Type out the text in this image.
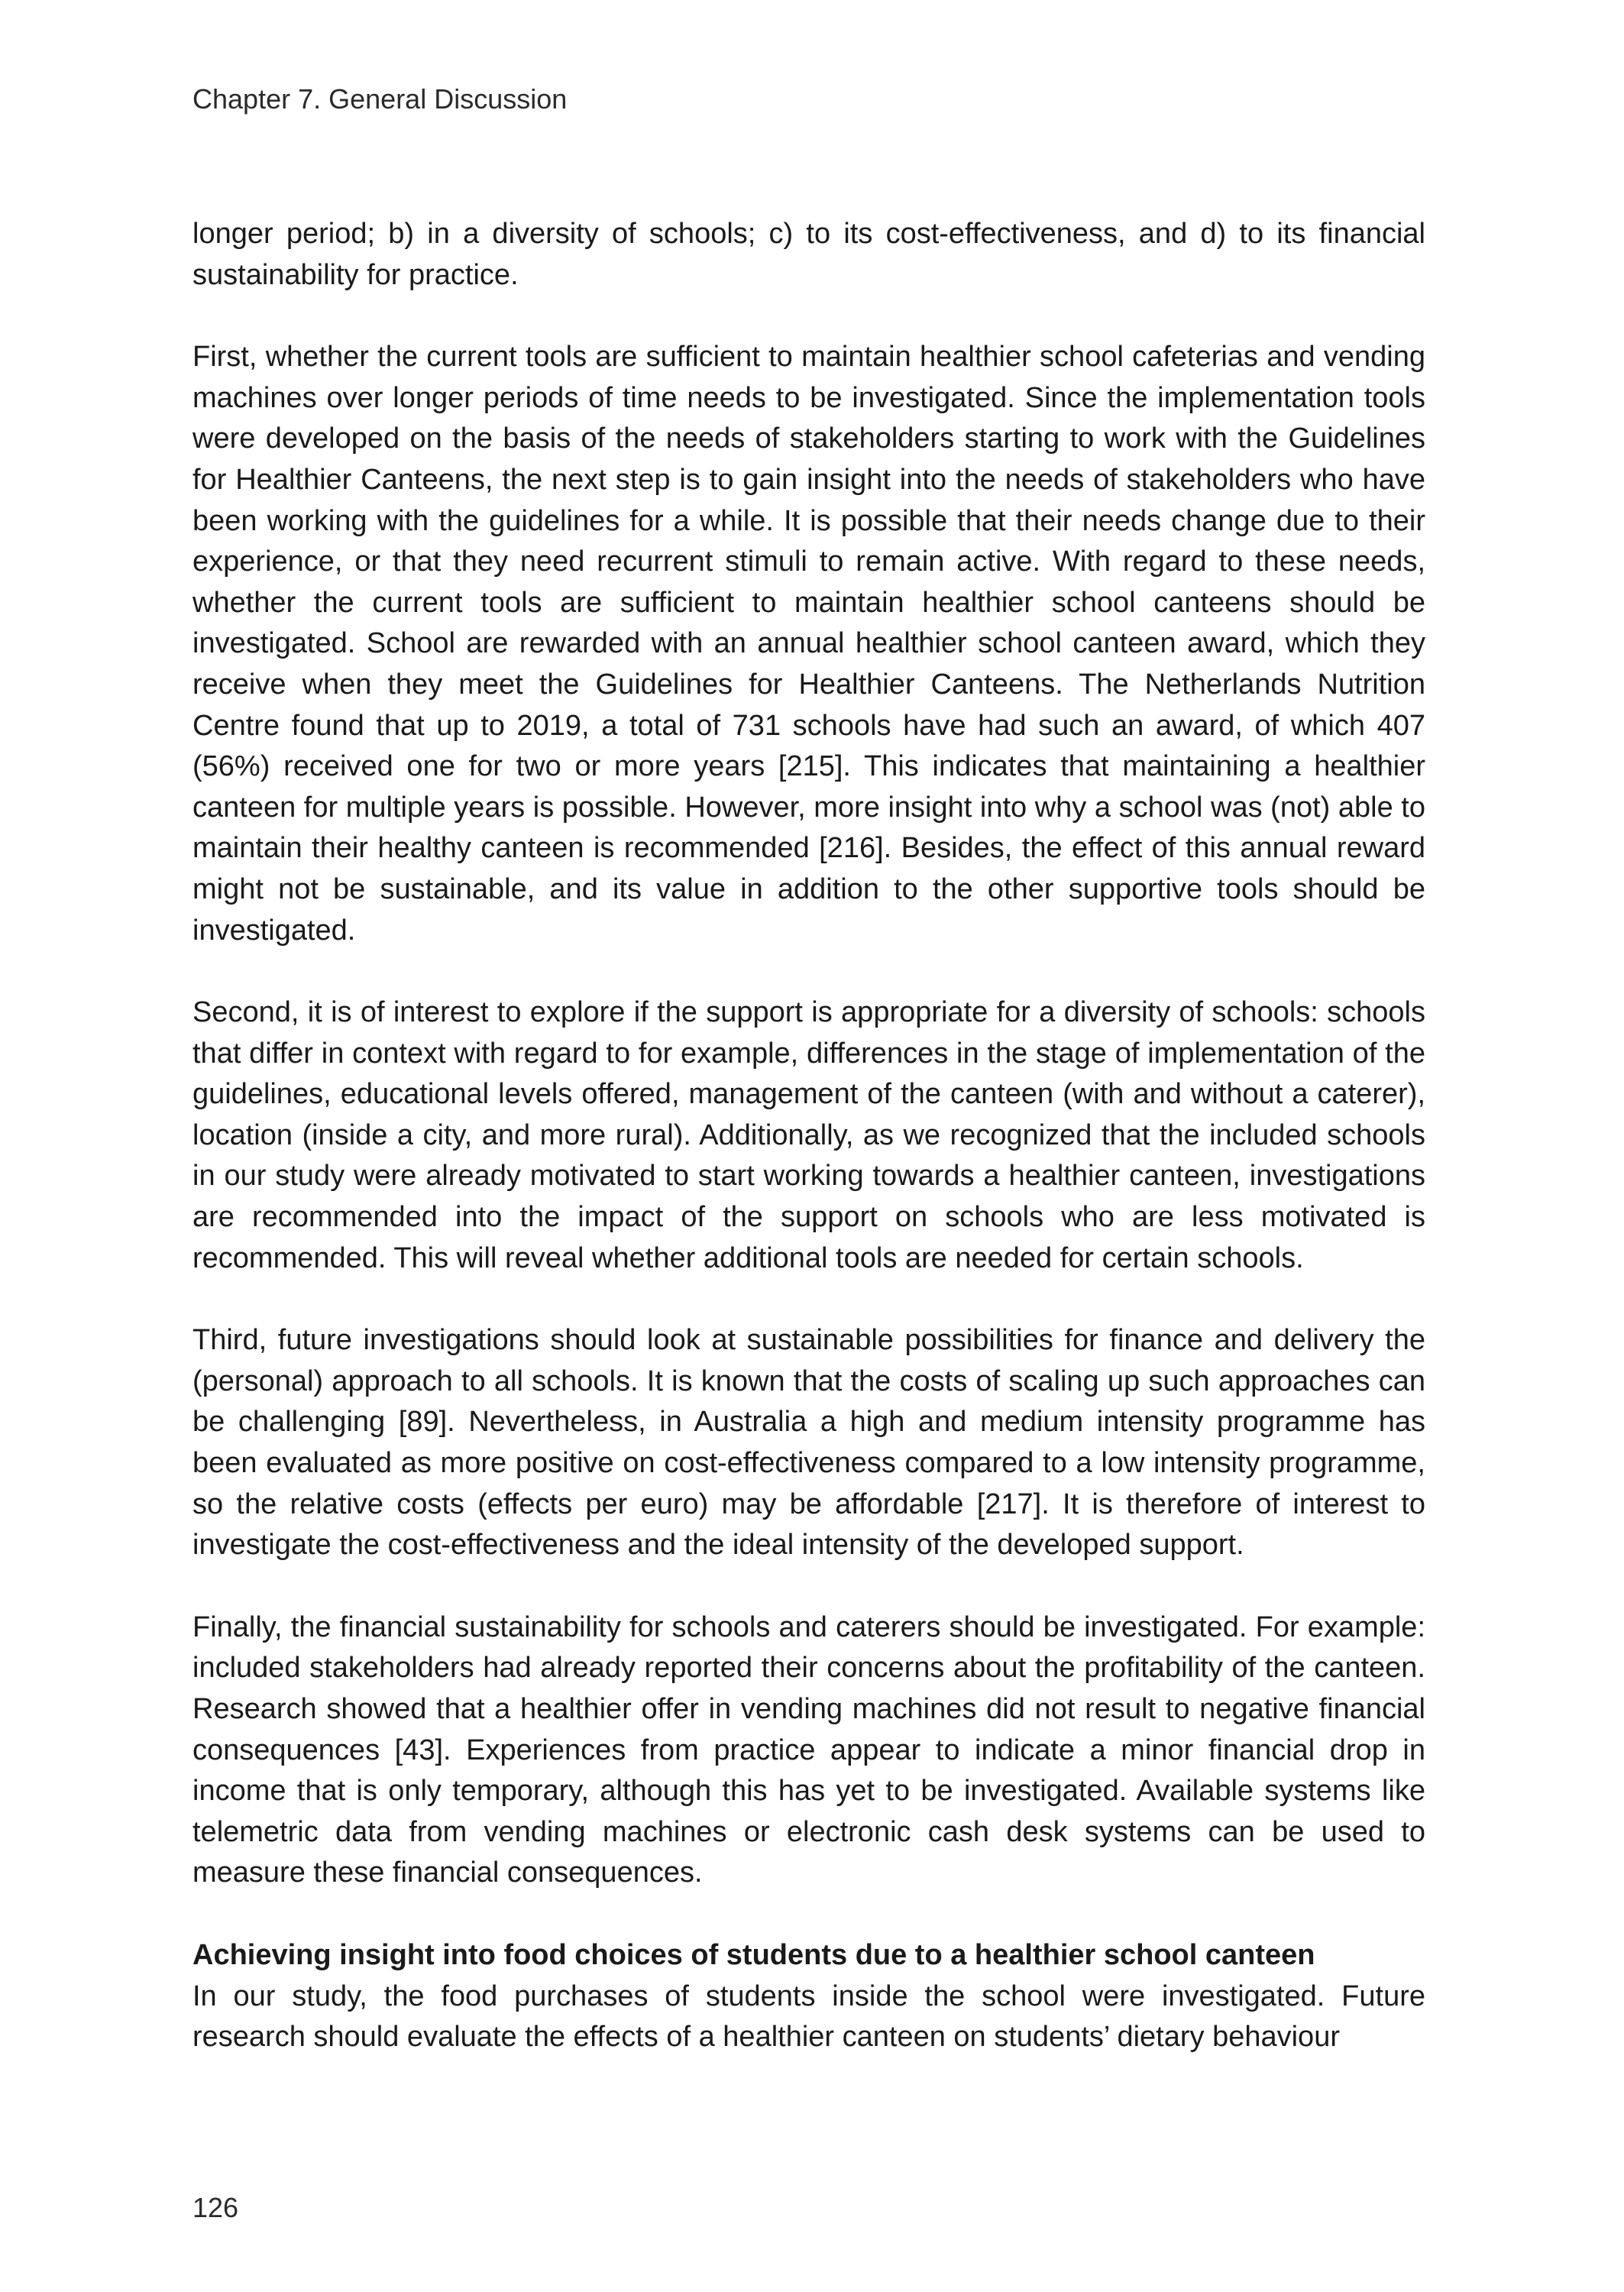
Chapter 7. General Discussion

longer period; b) in a diversity of schools; c) to its cost-effectiveness, and d) to its financial sustainability for practice.

First, whether the current tools are sufficient to maintain healthier school cafeterias and vending machines over longer periods of time needs to be investigated. Since the implementation tools were developed on the basis of the needs of stakeholders starting to work with the Guidelines for Healthier Canteens, the next step is to gain insight into the needs of stakeholders who have been working with the guidelines for a while. It is possible that their needs change due to their experience, or that they need recurrent stimuli to remain active. With regard to these needs, whether the current tools are sufficient to maintain healthier school canteens should be investigated. School are rewarded with an annual healthier school canteen award, which they receive when they meet the Guidelines for Healthier Canteens. The Netherlands Nutrition Centre found that up to 2019, a total of 731 schools have had such an award, of which 407 (56%) received one for two or more years [215]. This indicates that maintaining a healthier canteen for multiple years is possible. However, more insight into why a school was (not) able to maintain their healthy canteen is recommended [216]. Besides, the effect of this annual reward might not be sustainable, and its value in addition to the other supportive tools should be investigated.

Second, it is of interest to explore if the support is appropriate for a diversity of schools: schools that differ in context with regard to for example, differences in the stage of implementation of the guidelines, educational levels offered, management of the canteen (with and without a caterer), location (inside a city, and more rural). Additionally, as we recognized that the included schools in our study were already motivated to start working towards a healthier canteen, investigations are recommended into the impact of the support on schools who are less motivated is recommended. This will reveal whether additional tools are needed for certain schools.

Third, future investigations should look at sustainable possibilities for finance and delivery the (personal) approach to all schools. It is known that the costs of scaling up such approaches can be challenging [89]. Nevertheless, in Australia a high and medium intensity programme has been evaluated as more positive on cost-effectiveness compared to a low intensity programme, so the relative costs (effects per euro) may be affordable [217]. It is therefore of interest to investigate the cost-effectiveness and the ideal intensity of the developed support.

Finally, the financial sustainability for schools and caterers should be investigated. For example: included stakeholders had already reported their concerns about the profitability of the canteen. Research showed that a healthier offer in vending machines did not result to negative financial consequences [43]. Experiences from practice appear to indicate a minor financial drop in income that is only temporary, although this has yet to be investigated. Available systems like telemetric data from vending machines or electronic cash desk systems can be used to measure these financial consequences.

Achieving insight into food choices of students due to a healthier school canteen

In our study, the food purchases of students inside the school were investigated. Future research should evaluate the effects of a healthier canteen on students’ dietary behaviour

126
